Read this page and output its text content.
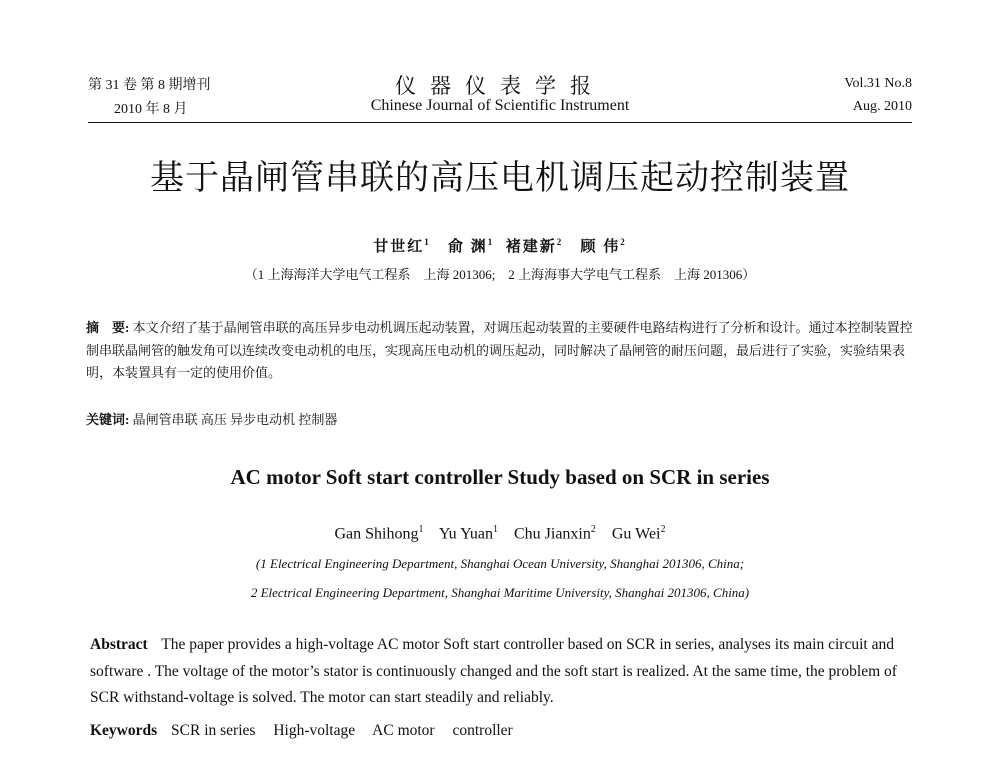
第 31 卷 第 8 期增刊
2010 年 8 月
仪器仪表学报
Chinese Journal of Scientific Instrument
Vol.31 No.8
Aug. 2010
基于晶闸管串联的高压电机调压起动控制装置
甘世红$^1$ 俞 渊$^1$ 褚建新$^2$ 顾 伟$^2$
（1 上海海洋大学电气工程系　上海 201306;　2 上海海事大学电气工程系　上海 201306）
摘　要: 本文介绍了基于晶闸管串联的高压异步电动机调压起动装置，对调压起动装置的主要硬件电路结构进行了分析和设计。通过本控制装置控制串联晶闸管的触发角可以连续改变电动机的电压，实现高压电动机的调压起动，同时解决了晶闸管的耐压问题，最后进行了实验，实验结果表明，本装置具有一定的使用价值。
关键词: 晶闸管串联 高压 异步电动机 控制器
AC motor Soft start controller Study based on SCR in series
Gan Shihong$^1$ Yu Yuan$^1$ Chu Jianxin$^2$ Gu Wei$^2$
(1 Electrical Engineering Department, Shanghai Ocean University, Shanghai 201306, China;
2 Electrical Engineering Department, Shanghai Maritime University, Shanghai 201306, China)
Abstract The paper provides a high-voltage AC motor Soft start controller based on SCR in series, analyses its main circuit and software . The voltage of the motor’s stator is continuously changed and the soft start is realized. At the same time, the problem of SCR withstand-voltage is solved. The motor can start steadily and reliably.
Keywords SCR in series High-voltage AC motor controller
